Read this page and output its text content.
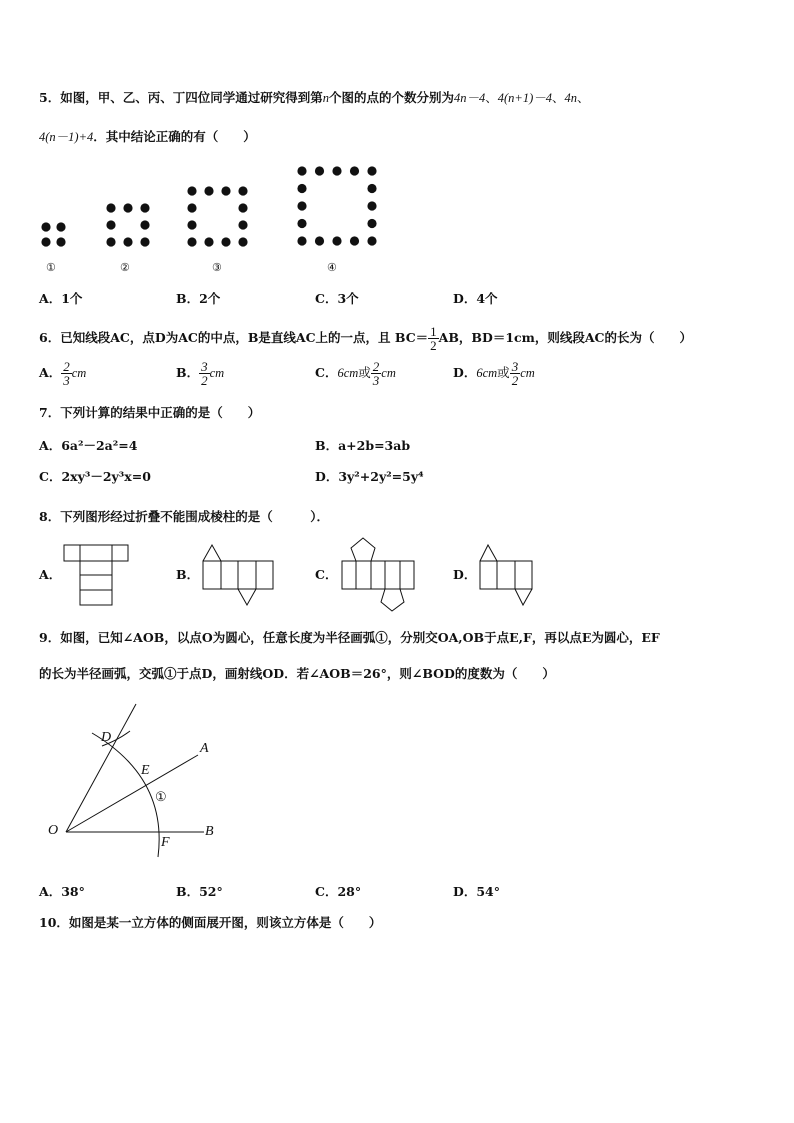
5．如图，甲、乙、丙、丁四位同学通过研究得到第n个图的点的个数分别为4n－4、4(n+1)－4、4n、
4(n－1)+4．其中结论正确的有（　　）
①	②	③	④
A．1个	B．2个	C．3个	D．4个
6．已知线段AC，点D为AC的中点，B是直线AC上的一点，且 $BC= \frac{1}{2}$ AB，BD＝1cm，则线段AC的长为（　　）
A． $\frac{2}{3}$ cm	B． $\frac{3}{2}$ cm	C．6cm或 $\frac{2}{3}$ cm	D．6cm或 $\frac{3}{2}$ cm
7．下列计算的结果中正确的是（　　）
A．6a²－2a²=4	B．a+2b=3ab
C．2xy³－2y³x=0	D．3y²+2y²=5y⁴
8．下列图形经过折叠不能围成棱柱的是（　　　）．
A．	B．	C．	D．
9．如图，已知∠AOB，以点O为圆心，任意长度为半径画弧①，分别交OA,OB于点E,F，再以点E为圆心，EF
的长为半径画弧，交弧①于点D，画射线OD．若∠AOB＝26°，则∠BOD的度数为（　　）
D
A
E
①
O	B
F
A．38°	B．52°	C．28°	D．54°
10．如图是某一立方体的侧面展开图，则该立方体是（　　）
